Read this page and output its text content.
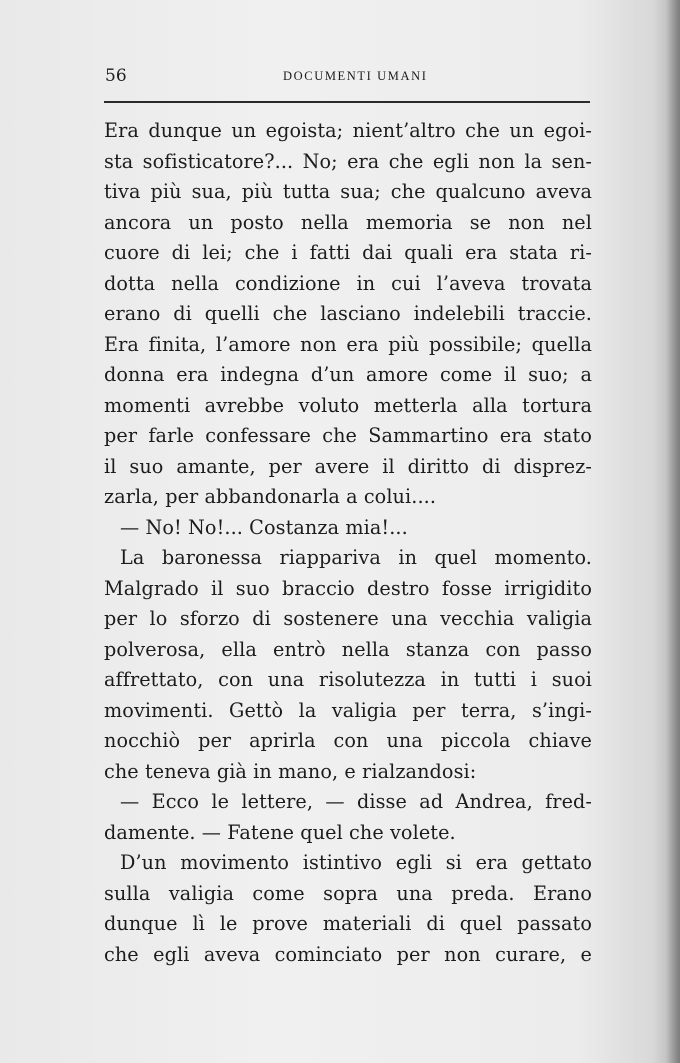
56	DOCUMENTI UMANI
Era dunque un egoista; nient’altro che un egoi-
sta sofisticatore?... No; era che egli non la sen-
tiva più sua, più tutta sua; che qualcuno aveva
ancora un posto nella memoria se non nel
cuore di lei; che i fatti dai quali era stata ri-
dotta nella condizione in cui l’aveva trovata
erano di quelli che lasciano indelebili traccie.
Era finita, l’amore non era più possibile; quella
donna era indegna d’un amore come il suo; a
momenti avrebbe voluto metterla alla tortura
per farle confessare che Sammartino era stato
il suo amante, per avere il diritto di disprez-
zarla, per abbandonarla a colui....
— No! No!... Costanza mia!...
La baronessa riappariva in quel momento.
Malgrado il suo braccio destro fosse irrigidito
per lo sforzo di sostenere una vecchia valigia
polverosa, ella entrò nella stanza con passo
affrettato, con una risolutezza in tutti i suoi
movimenti. Gettò la valigia per terra, s’ingi-
nocchiò per aprirla con una piccola chiave
che teneva già in mano, e rialzandosi:
— Ecco le lettere, — disse ad Andrea, fred-
damente. — Fatene quel che volete.
D’un movimento istintivo egli si era gettato
sulla valigia come sopra una preda. Erano
dunque lì le prove materiali di quel passato
che egli aveva cominciato per non curare, e
